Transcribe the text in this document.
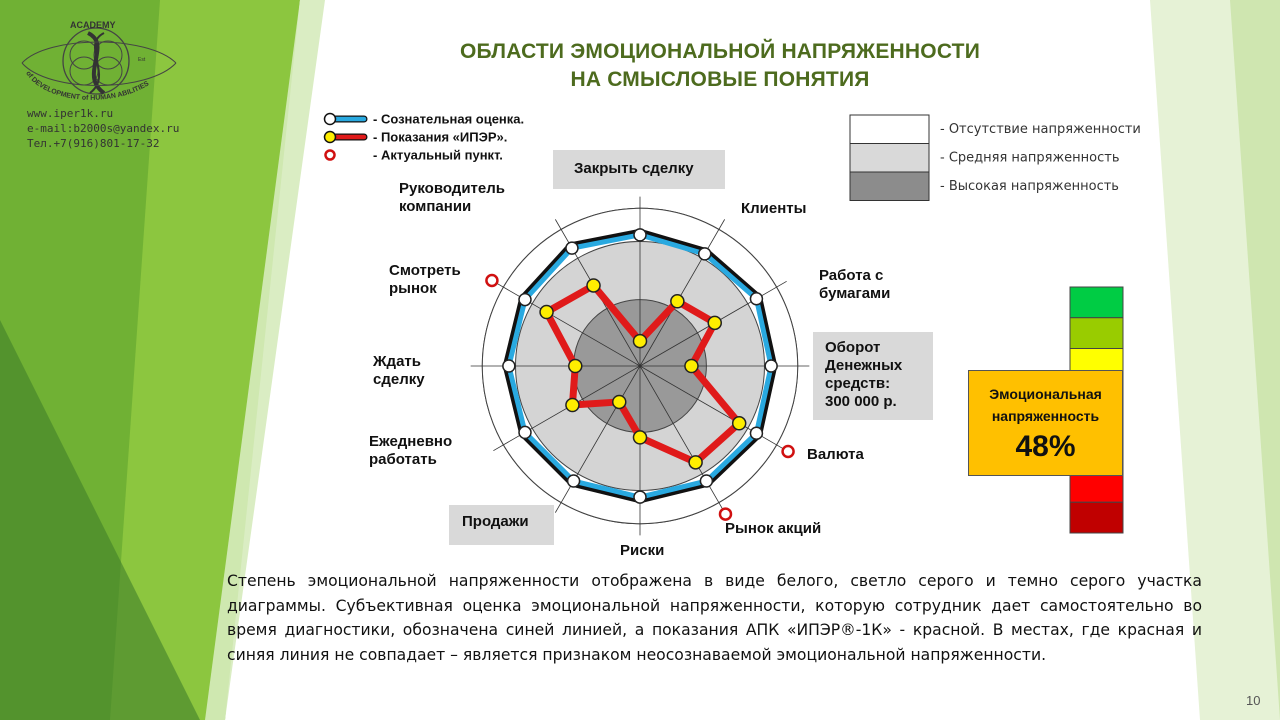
ACADEMY
Est
of DEVELOPMENT of HUMAN ABILITIES
www.iper1k.ru
e-mail:b2000s@yandex.ru
Тел.+7(916)801-17-32
ОБЛАСТИ ЭМОЦИОНАЛЬНОЙ НАПРЯЖЕННОСТИ
НА СМЫСЛОВЫЕ ПОНЯТИЯ
Закрыть сделку
Клиенты
Работа с бумагами
Оборот Денежных средств: 300 000 р.
Валюта
Рынок акций
Риски
Продажи
Ежедневно работать
Ждать сделку
Смотреть рынок
Руководитель компании
- Сознательная оценка.
- Показания «ИПЭР».
- Актуальный пункт.
- Отсутствие напряженности
- Средняя напряженность
- Высокая напряженность
Эмоциональная
напряженность
48%
Степень эмоциональной напряженности отображена в виде белого, светло серого и темно серого участка диаграммы. Субъективная оценка эмоциональной напряженности, которую сотрудник дает самостоятельно во время диагностики, обозначена синей линией, а показания АПК «ИПЭР®-1К» - красной. В местах, где красная и синяя линия не совпадает – является признаком неосознаваемой эмоциональной напряженности.
10
